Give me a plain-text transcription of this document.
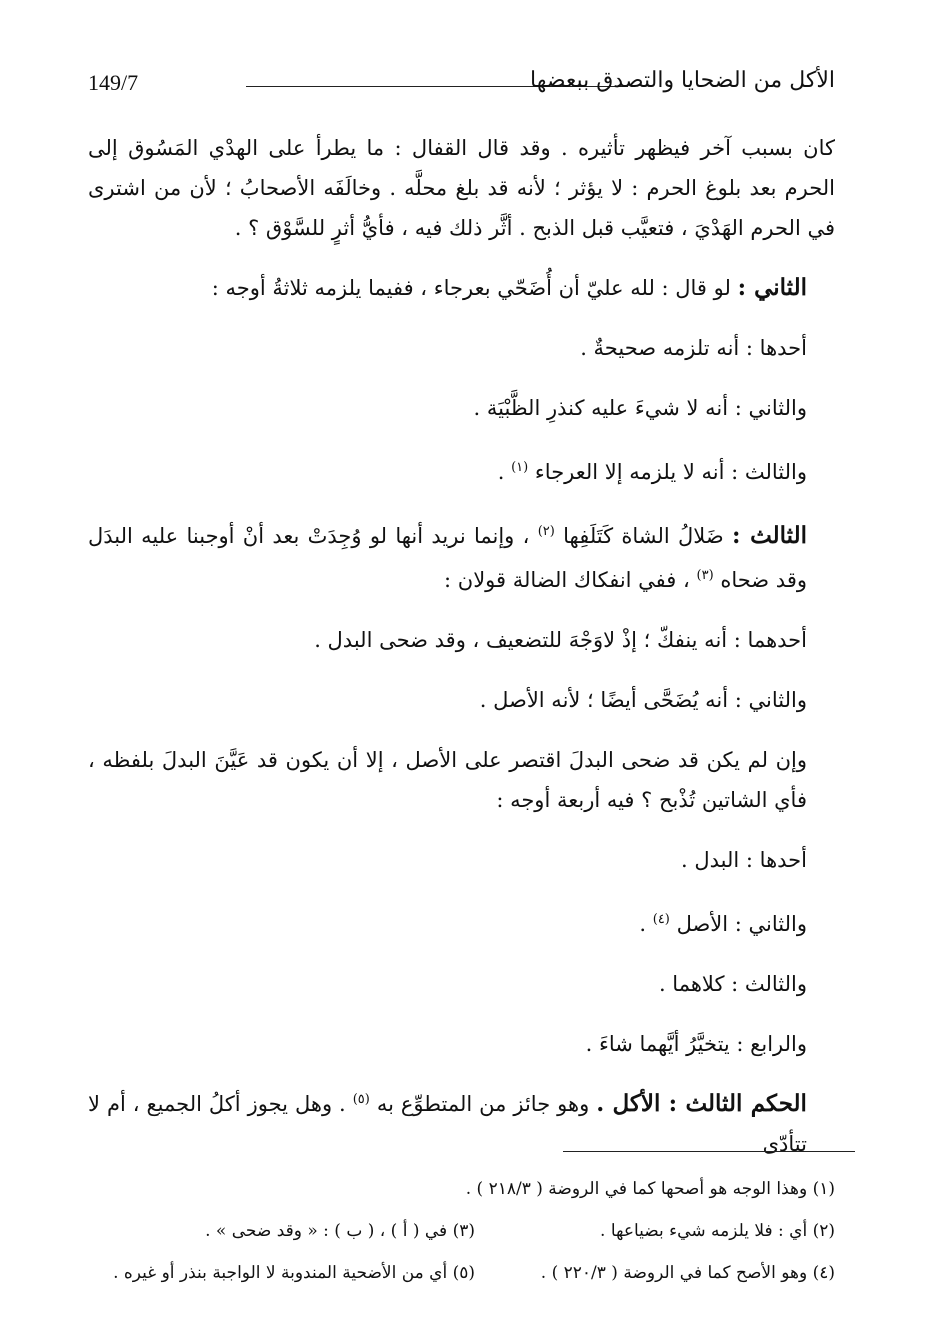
149/7	الأكل من الضحايا والتصدق ببعضها

كان بسبب آخر فيظهر تأثيره . وقد قال القفال : ما يطرأ على الهدْي المَسُوق إلى الحرم بعد بلوغ الحرم : لا يؤثر ؛ لأنه قد بلغ محلَّه . وخالَفَه الأصحابُ ؛ لأن من اشترى في الحرم الهَدْيَ ، فتعيَّب قبل الذبح . أثَّر ذلك فيه ، فأيُّ أثرٍ للسَّوْق ؟ .

الثاني : لو قال : لله عليّ أن أُضَحّي بعرجاء ، ففيما يلزمه ثلاثةُ أوجه :

أحدها : أنه تلزمه صحيحةٌ .

والثاني : أنه لا شيءَ عليه كنذرِ الظَّبْيَة .

والثالث : أنه لا يلزمه إلا العرجاء $^{(١)}$ .

الثالث : ضَلالُ الشاة كَتَلَفِها $^{(٢)}$ ، وإنما نريد أنها لو وُجِدَتْ بعد أنْ أوجبنا عليه البدَل وقد ضحاه $^{(٣)}$ ، ففي انفكاك الضالة قولان :

أحدهما : أنه ينفكّ ؛ إذْ لاوَجْهَ للتضعيف ، وقد ضحى البدل .

والثاني : أنه يُضَحَّى أيضًا ؛ لأنه الأصل .

وإن لم يكن قد ضحى البدلَ اقتصر على الأصل ، إلا أن يكون قد عَيَّنَ البدلَ بلفظه ، فأي الشاتين تُذْبح ؟ فيه أربعة أوجه :

أحدها : البدل .

والثاني : الأصل $^{(٤)}$ .

والثالث : كلاهما .

والرابع : يتخيَّرُ أيَّهما شاءَ .

الحكم الثالث : الأكل . وهو جائز من المتطوِّع به $^{(٥)}$ . وهل يجوز أكلُ الجميع ، أم لا تتأدّى

(١) وهذا الوجه هو أصحها كما في الروضة ( ٢١٨/٣ ) .
(٢) أي : فلا يلزمه شيء بضياعها .
(٣) في ( أ ) ، ( ب ) : « وقد ضحى » .
(٤) وهو الأصح كما في الروضة ( ٢٢٠/٣ ) .
(٥) أي من الأضحية المندوبة لا الواجبة بنذر أو غيره .
